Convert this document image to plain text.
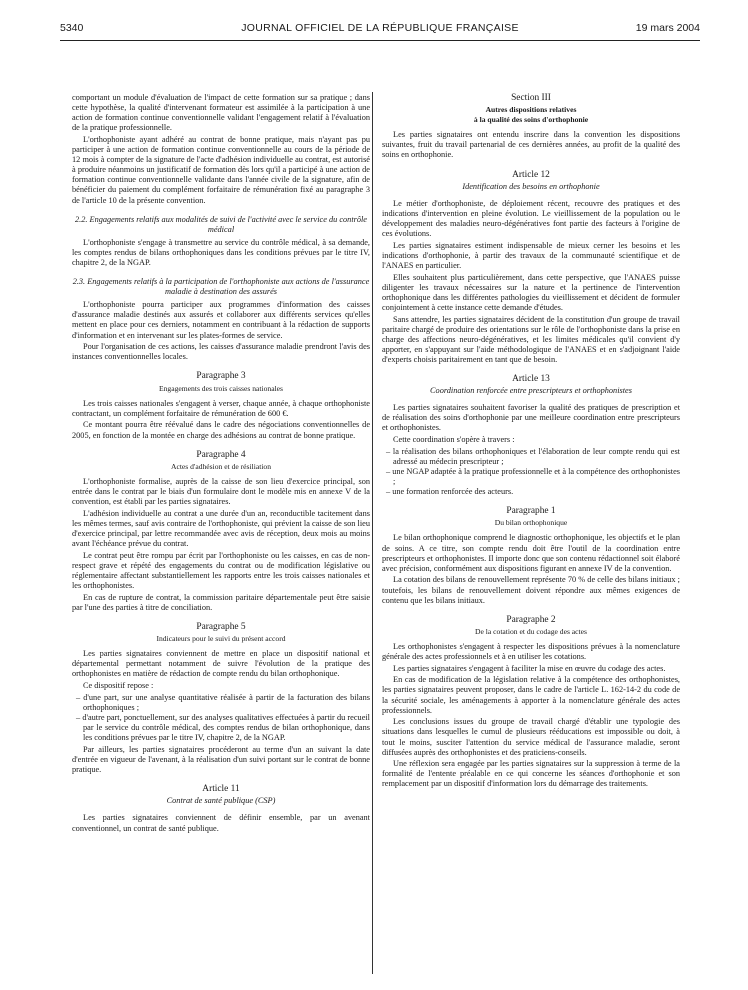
5340	JOURNAL OFFICIEL DE LA RÉPUBLIQUE FRANÇAISE	19 mars 2004

comportant un module d'évaluation de l'impact de cette formation sur sa pratique ; dans cette hypothèse, la qualité d'intervenant formateur est assimilée à la participation à une action de formation continue conventionnelle validant l'engagement relatif à l'évaluation de la pratique professionnelle.

L'orthophoniste ayant adhéré au contrat de bonne pratique, mais n'ayant pas pu participer à une action de formation continue conventionnelle au cours de la période de 12 mois à compter de la signature de l'acte d'adhésion individuelle au contrat, est autorisé à produire néanmoins un justificatif de formation dès lors qu'il a participé à une action de formation continue conventionnelle validante dans l'année civile de la signature, afin de bénéficier du paiement du complément forfaitaire de rémunération fixé au paragraphe 3 de l'article 10 de la présente convention.

2.2. Engagements relatifs aux modalités de suivi de l'activité avec le service du contrôle médical

L'orthophoniste s'engage à transmettre au service du contrôle médical, à sa demande, les comptes rendus de bilans orthophoniques dans les conditions prévues par le titre IV, chapitre 2, de la NGAP.

2.3. Engagements relatifs à la participation de l'orthophoniste aux actions de l'assurance maladie à destination des assurés

L'orthophoniste pourra participer aux programmes d'information des caisses d'assurance maladie destinés aux assurés et collaborer aux différents services qu'elles mettent en place pour ces derniers, notamment en contribuant à la rédaction de supports d'information et en intervenant sur les plates-formes de service.

Pour l'organisation de ces actions, les caisses d'assurance maladie prendront l'avis des instances conventionnelles locales.

Paragraphe 3

Engagements des trois caisses nationales

Les trois caisses nationales s'engagent à verser, chaque année, à chaque orthophoniste contractant, un complément forfaitaire de rémunération de 600 €.

Ce montant pourra être réévalué dans le cadre des négociations conventionnelles de 2005, en fonction de la montée en charge des adhésions au contrat de bonne pratique.

Paragraphe 4

Actes d'adhésion et de résiliation

L'orthophoniste formalise, auprès de la caisse de son lieu d'exercice principal, son entrée dans le contrat par le biais d'un formulaire dont le modèle mis en annexe V de la convention, est établi par les parties signataires.

L'adhésion individuelle au contrat a une durée d'un an, reconductible tacitement dans les mêmes termes, sauf avis contraire de l'orthophoniste, qui prévient la caisse de son lieu d'exercice principal, par lettre recommandée avec avis de réception, deux mois au moins avant l'échéance prévue du contrat.

Le contrat peut être rompu par écrit par l'orthophoniste ou les caisses, en cas de non-respect grave et répété des engagements du contrat ou de modification législative ou réglementaire affectant substantiellement les rapports entre les trois caisses nationales et les orthophonistes.

En cas de rupture de contrat, la commission paritaire départementale peut être saisie par l'une des parties à titre de conciliation.

Paragraphe 5

Indicateurs pour le suivi du présent accord

Les parties signataires conviennent de mettre en place un dispositif national et départemental permettant notamment de suivre l'évolution de la pratique des orthophonistes en matière de rédaction de compte rendu du bilan orthophonique.

Ce dispositif repose :

– d'une part, sur une analyse quantitative réalisée à partir de la facturation des bilans orthophoniques ;
– d'autre part, ponctuellement, sur des analyses qualitatives effectuées à partir du recueil par le service du contrôle médical, des comptes rendus de bilan orthophonique, dans les conditions prévues par le titre IV, chapitre 2, de la NGAP.

Par ailleurs, les parties signataires procéderont au terme d'un an suivant la date d'entrée en vigueur de l'avenant, à la réalisation d'un suivi portant sur le contrat de bonne pratique.

Article 11

Contrat de santé publique (CSP)

Les parties signataires conviennent de définir ensemble, par un avenant conventionnel, un contrat de santé publique.

Section III

Autres dispositions relatives

à la qualité des soins d'orthophonie

Les parties signataires ont entendu inscrire dans la convention les dispositions suivantes, fruit du travail partenarial de ces dernières années, au profit de la qualité des soins en orthophonie.

Article 12

Identification des besoins en orthophonie

Le métier d'orthophoniste, de déploiement récent, recouvre des pratiques et des indications d'intervention en pleine évolution. Le vieillissement de la population ou le développement des maladies neuro-dégénératives font partie des facteurs à l'origine de ces évolutions.

Les parties signataires estiment indispensable de mieux cerner les besoins et les indications d'orthophonie, à partir des travaux de la communauté scientifique et de l'ANAES en particulier.

Elles souhaitent plus particulièrement, dans cette perspective, que l'ANAES puisse diligenter les travaux nécessaires sur la nature et la pertinence de l'intervention orthophonique dans les différentes pathologies du vieillissement et décident de formuler conjointement à cette instance cette demande d'études.

Sans attendre, les parties signataires décident de la constitution d'un groupe de travail paritaire chargé de produire des orientations sur le rôle de l'orthophoniste dans la prise en charge des affections neuro-dégénératives, et les limites médicales qu'il convient d'y apporter, en s'appuyant sur l'aide méthodologique de l'ANAES et en s'adjoignant l'aide d'experts choisis paritairement en tant que de besoin.

Article 13

Coordination renforcée entre prescripteurs et orthophonistes

Les parties signataires souhaitent favoriser la qualité des pratiques de prescription et de réalisation des soins d'orthophonie par une meilleure coordination entre prescripteurs et orthophonistes.

Cette coordination s'opère à travers :

– la réalisation des bilans orthophoniques et l'élaboration de leur compte rendu qui est adressé au médecin prescripteur ;
– une NGAP adaptée à la pratique professionnelle et à la compétence des orthophonistes ;
– une formation renforcée des acteurs.

Paragraphe 1

Du bilan orthophonique

Le bilan orthophonique comprend le diagnostic orthophonique, les objectifs et le plan de soins. A ce titre, son compte rendu doit être l'outil de la coordination entre prescripteurs et orthophonistes. Il importe donc que son contenu rédactionnel soit élaboré avec précision, conformément aux dispositions figurant en annexe IV de la convention.

La cotation des bilans de renouvellement représente 70 % de celle des bilans initiaux ; toutefois, les bilans de renouvellement doivent répondre aux mêmes exigences de contenu que les bilans initiaux.

Paragraphe 2

De la cotation et du codage des actes

Les orthophonistes s'engagent à respecter les dispositions prévues à la nomenclature générale des actes professionnels et à en utiliser les cotations.

Les parties signataires s'engagent à faciliter la mise en œuvre du codage des actes.

En cas de modification de la législation relative à la compétence des orthophonistes, les parties signataires peuvent proposer, dans le cadre de l'article L. 162-14-2 du code de la sécurité sociale, les aménagements à apporter à la nomenclature générale des actes professionnels.

Les conclusions issues du groupe de travail chargé d'établir une typologie des situations dans lesquelles le cumul de plusieurs rééducations est impossible ou doit, à tout le moins, susciter l'attention du service médical de l'assurance maladie, seront diffusées auprès des orthophonistes et des praticiens-conseils.

Une réflexion sera engagée par les parties signataires sur la suppression à terme de la formalité de l'entente préalable en ce qui concerne les séances d'orthophonie et son remplacement par un dispositif d'information lors du démarrage des traitements.
